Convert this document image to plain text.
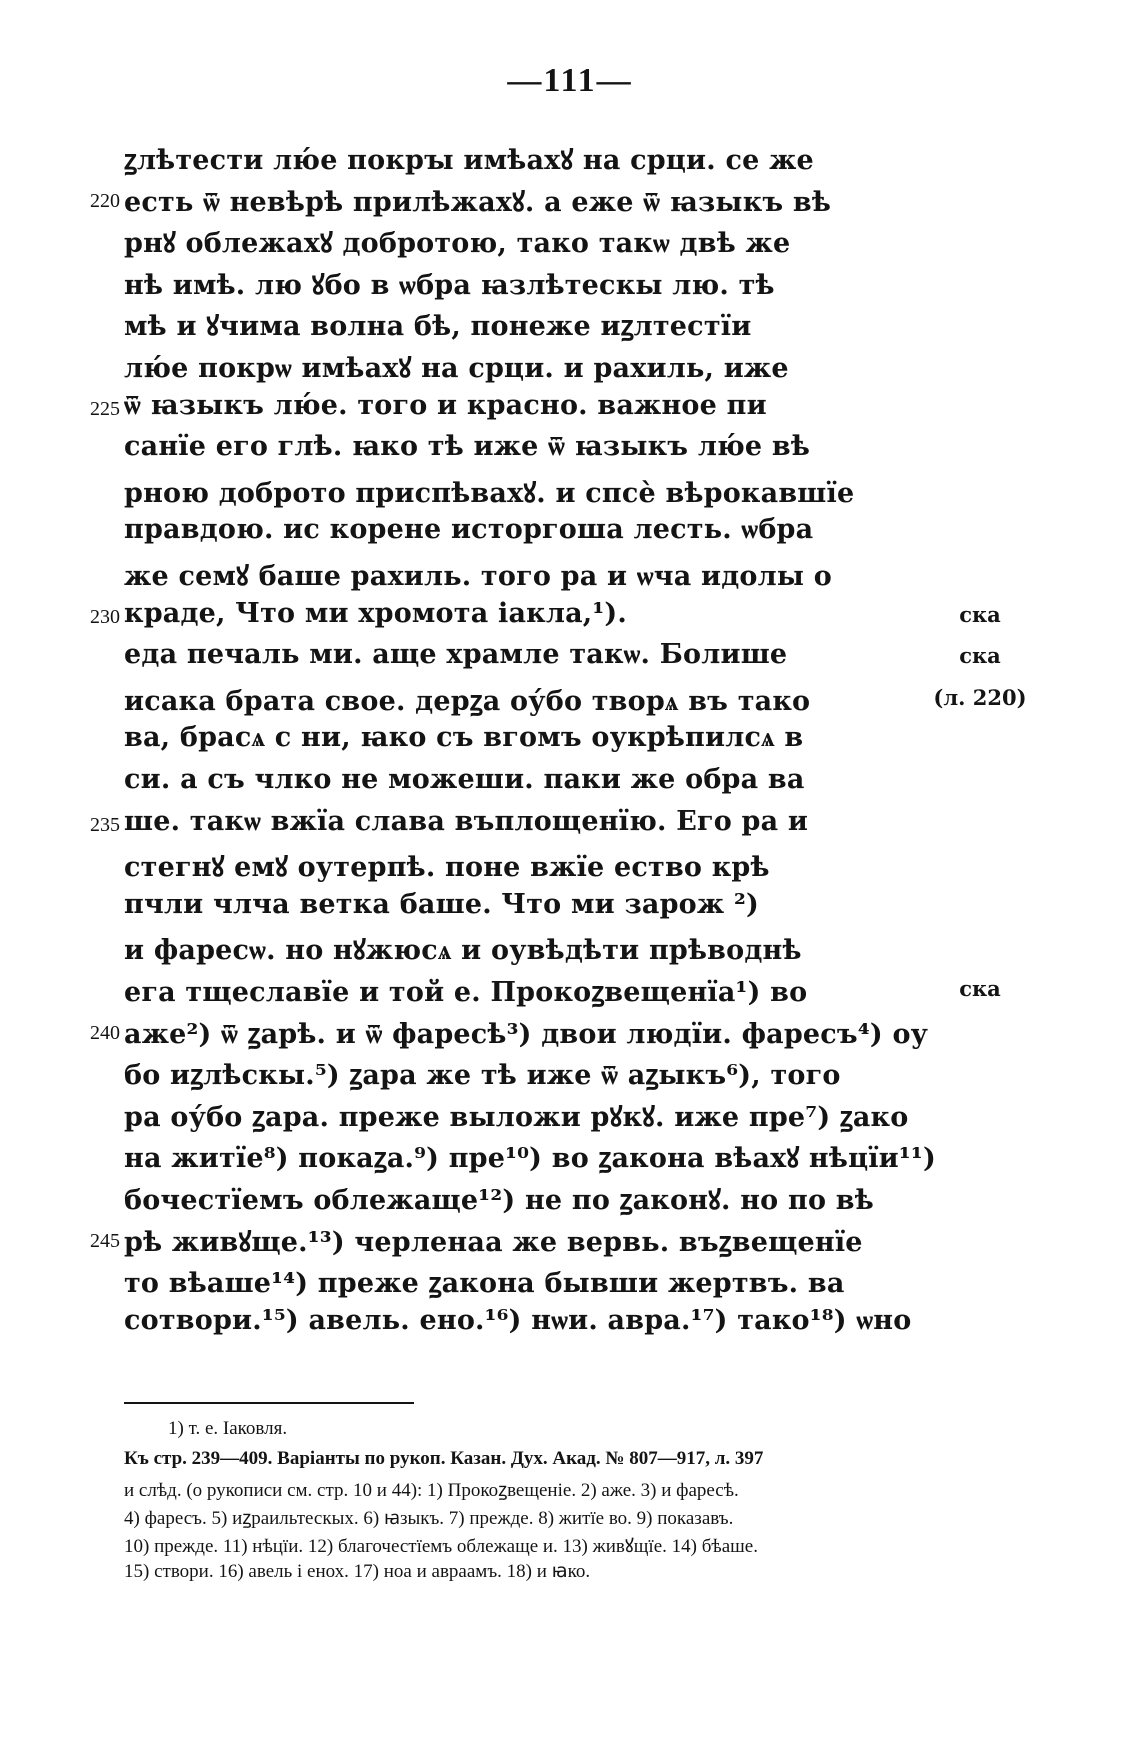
—111—
ꙁлѣтести лю́е покрꙑ имѣахꙋ на срци. се же
220 есть ѿ невѣрѣ прилѣжахꙋ. а еже ѿ ꙗзыкъ вѣ
рнꙋ облежахꙋ добротою, тако такѡ двѣ же
нѣ имѣ. лю ꙋбо в ѡбра ꙗзлѣтескы лю. тѣ
мѣ и ꙋчима волна бѣ, понеже иꙁлтестїи
лю́е покрѡ имѣахꙋ на срци. и рахиль, иже
225 ѿ ꙗзыкъ лю́е. того и красно. важное пи
санїе его глѣ. ꙗко тѣ иже ѿ ꙗзыкъ лю́е вѣ
рною доброто приспѣвахꙋ. и спсѐ вѣрокавшїе
правдою. ис корене исторгоша лесть. ѡбра
же семꙋ баше рахиль. того ра и ѡча идолы о
230 краде, Что ми хромота iакла,¹).	ска
еда печаль ми. аще храмле такѡ. Болише	ска
исака брата свое. дерꙁа оу́бо творѧ въ тако	(л. 220)
ва, брасѧ с ни, ꙗко съ вгомъ оукрѣпилсѧ в
си. а съ члко не можеши. паки же обра ва
235 ше. такѡ вжїа слава въплощенїю. Его ра и
стегнꙋ емꙋ оутерпѣ. поне вжїе ество крѣ
пчли члча ветка баше. Что ми зарож ²)
и фаресѡ. но нꙋжюсѧ и оувѣдѣти прѣводнѣ
ега тщеславїе и той е. Прокоꙁвещенїа¹) во	ска
240 аже²) ѿ ꙁарѣ. и ѿ фаресѣ³) двои людїи. фаресъ⁴) оу
бо иꙁлѣскы.⁵) ꙁара же тѣ иже ѿ аꙁыкъ⁶), того
ра оу́бо ꙁара. преже выложи рꙋкꙋ. иже пре⁷) ꙁако
на житїе⁸) покаꙁа.⁹) пре¹⁰) во ꙁакона вѣахꙋ нѣцїи¹¹)
бочестїемъ облежаще¹²) не по ꙁаконꙋ. но по вѣ
245 рѣ живꙋще.¹³) черленаа же вервь. въꙁвещенїе
то вѣаше¹⁴) преже ꙁакона бывши жертвъ. ва
сотвори.¹⁵) авель. ено.¹⁶) нѡи. авра.¹⁷) тако¹⁸) ѡно
1) т. е. Іаковля.
Къ стр. 239—409. Варіанты по рукоп. Казан. Дух. Акад. № 807—917, л. 397
и слѣд. (о рукописи см. стр. 10 и 44): 1) Прокоꙁвещеніе. 2) аже. 3) и фаресѣ.
4) фаресъ. 5) иꙁраильтескых. 6) ꙗзыкъ. 7) прежде. 8) житїе во. 9) показавъ.
10) прежде. 11) нѣцїи. 12) благочестїемъ облежаще и. 13) живꙋщїе. 14) бѣаше.
15) створи. 16) авель і енох. 17) ноа и авраамъ. 18) и ꙗко.
